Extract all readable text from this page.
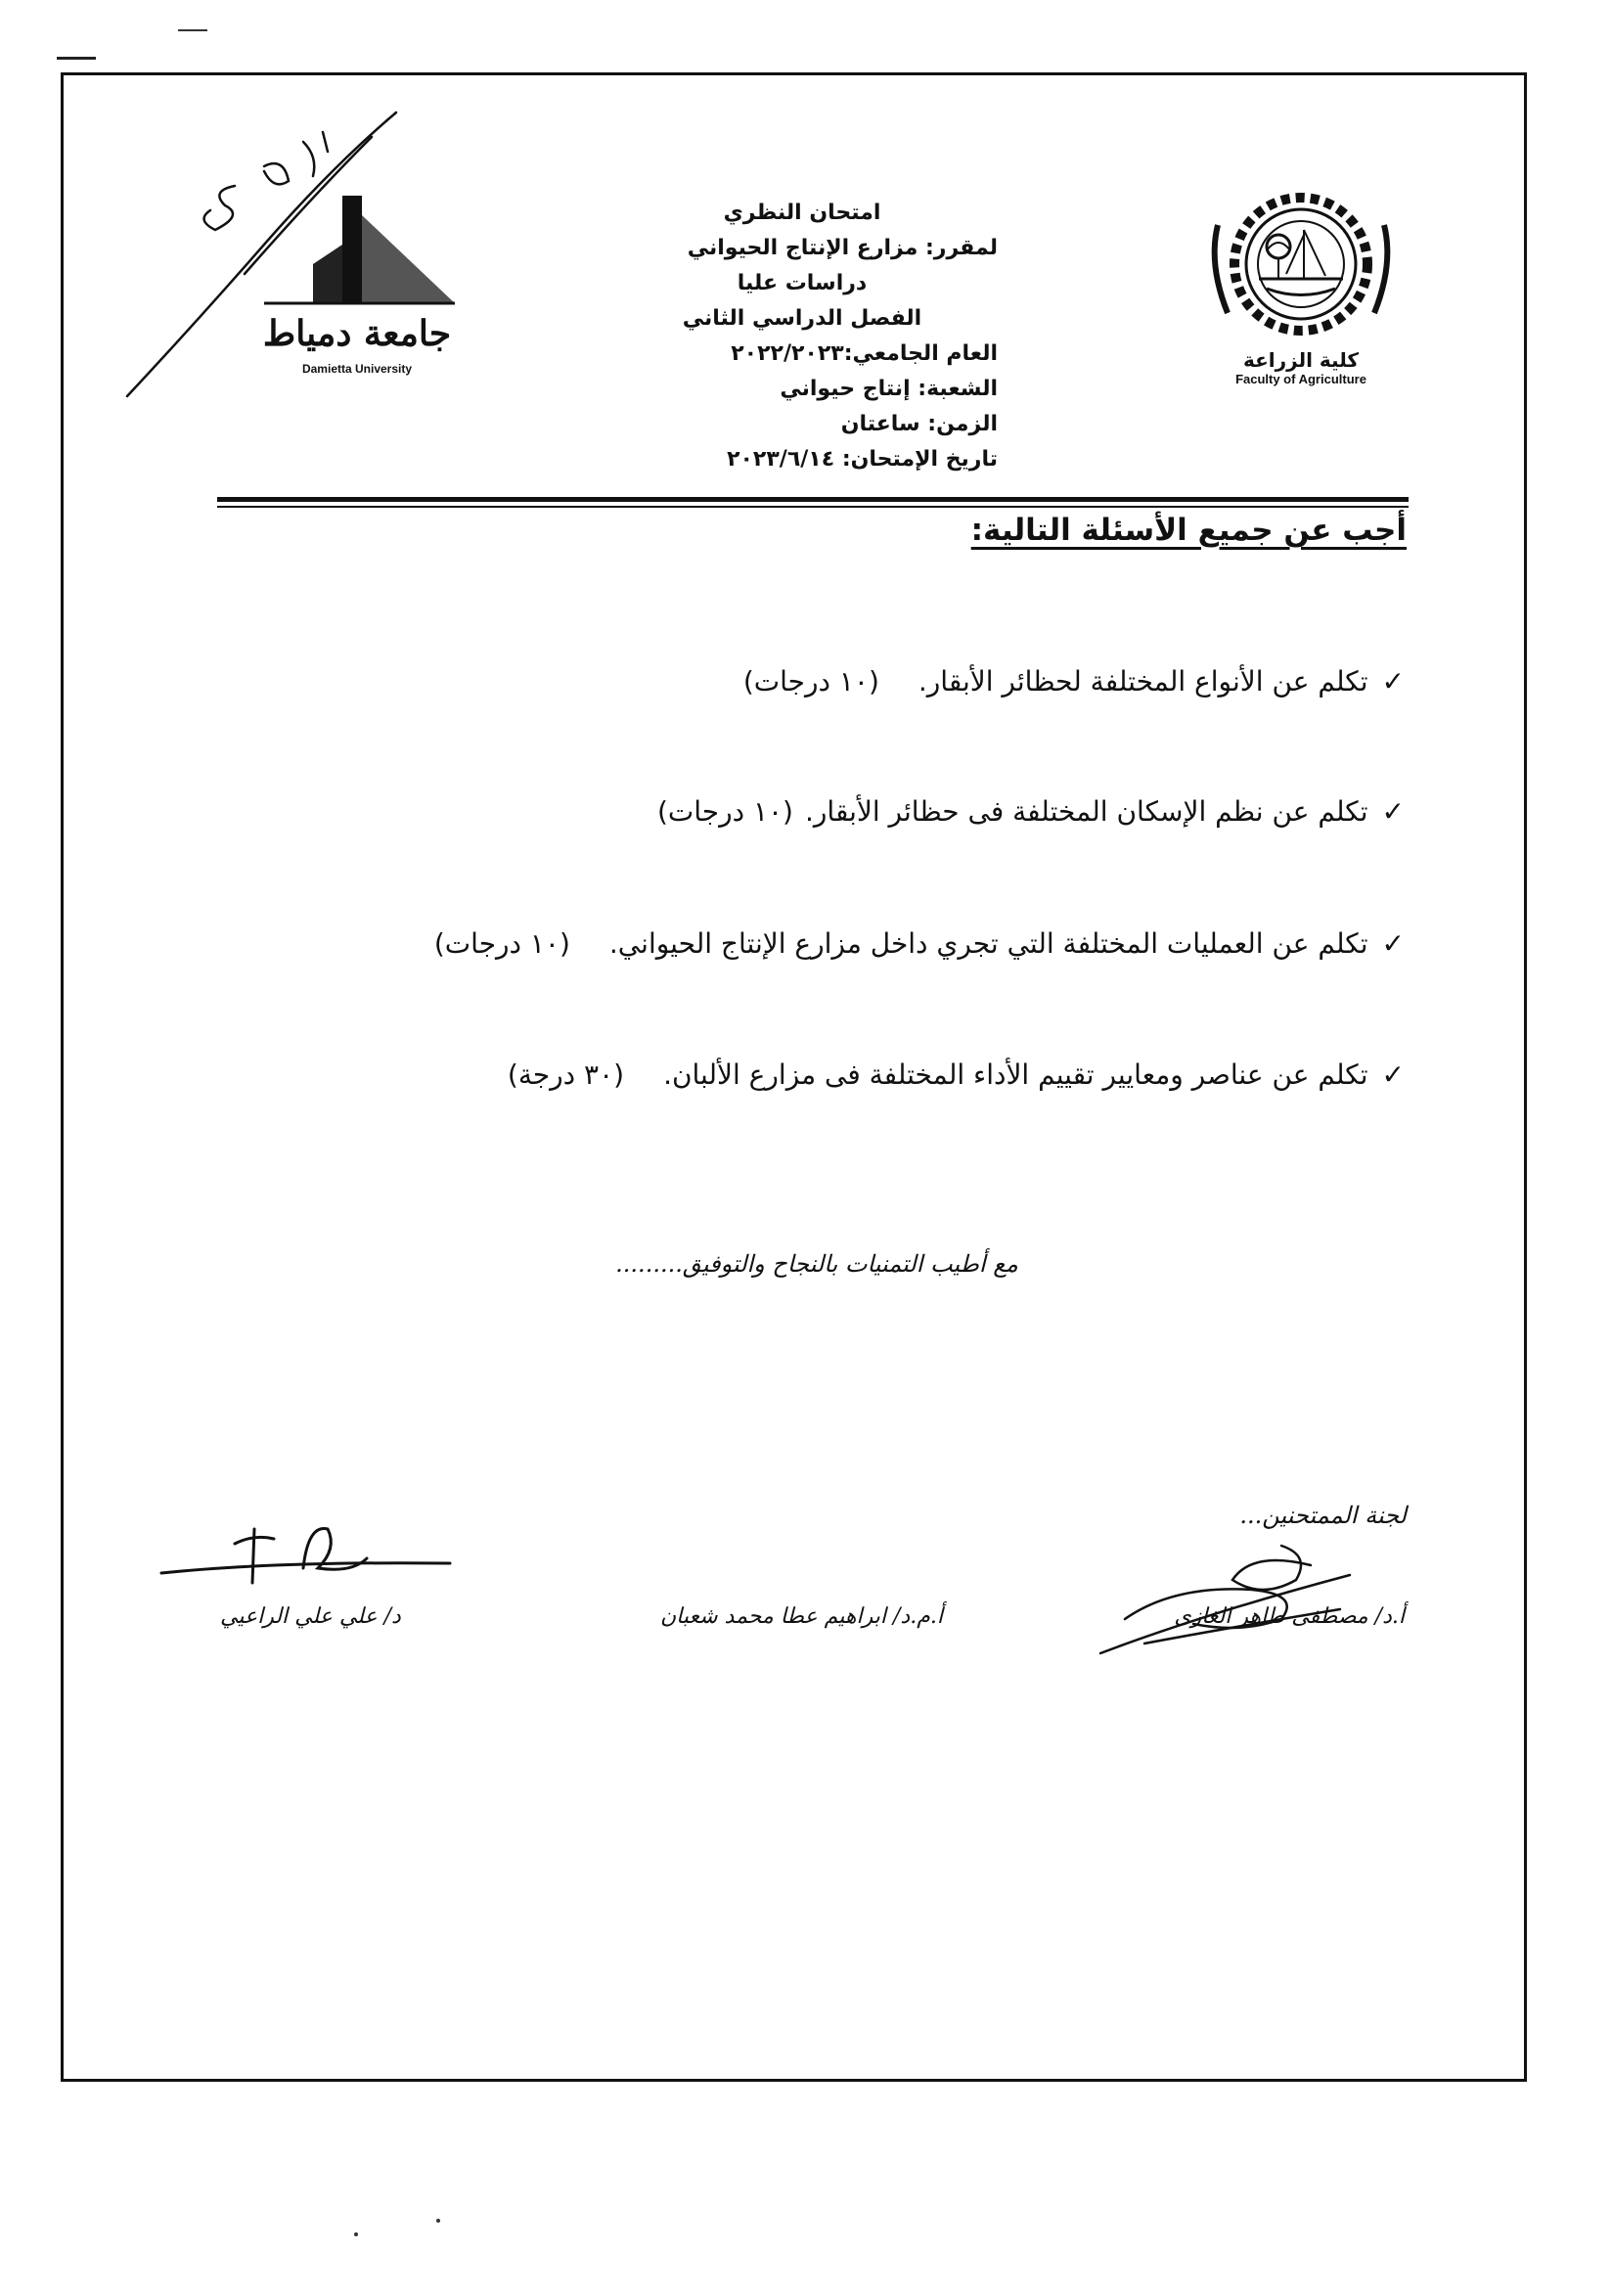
كلية الزراعة
Faculty of Agriculture
جامعة دمياط
Damietta University
امتحان النظري
لمقرر: مزارع الإنتاج الحيواني
دراسات عليا
الفصل الدراسي الثاني
العام الجامعي:٢٠٢٢/٢٠٢٣
الشعبة: إنتاج حيواني
الزمن: ساعتان
تاريخ الإمتحان: ٢٠٢٣/٦/١٤
أجب عن جميع الأسئلة التالية:
✓تكلم عن الأنواع المختلفة لحظائر الأبقار.(١٠ درجات)
✓تكلم عن نظم الإسكان المختلفة فى حظائر الأبقار.(١٠ درجات)
✓تكلم عن العمليات المختلفة التي تجري داخل مزارع الإنتاج الحيواني.(١٠ درجات)
✓تكلم عن عناصر ومعايير تقييم الأداء المختلفة فى مزارع الألبان.(٣٠ درجة)
مع أطيب التمنيات بالنجاح والتوفيق.........
لجنة الممتحنين...
أ.د/ مصطفى طاهر الغازى
أ.م.د/ ابراهيم عطا محمد شعبان
د/ علي علي الراعيي
